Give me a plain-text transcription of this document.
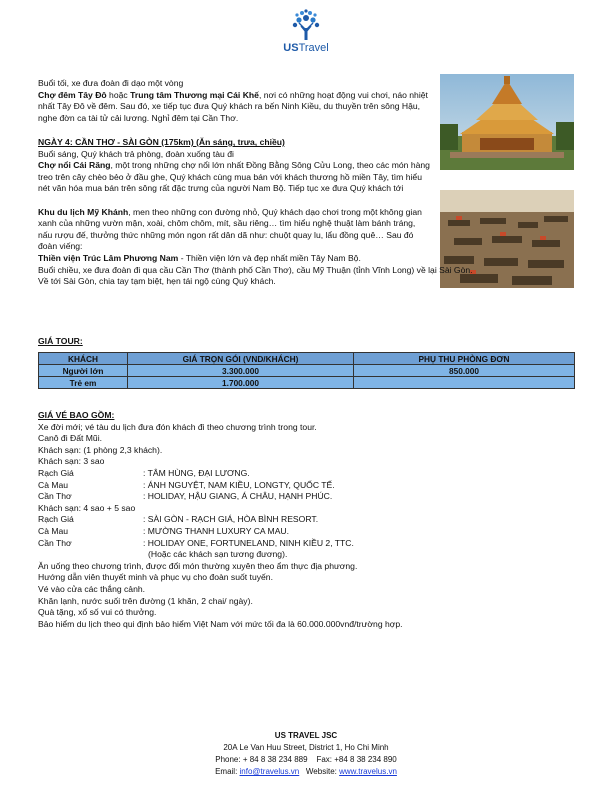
USTravel
Buổi tối, xe đưa đoàn đi dạo một vòng
Chợ đêm Tây Đô hoặc Trung tâm Thương mại Cái Khế, nơi có những hoạt động vui chơi, náo nhiệt nhất Tây Đô về đêm. Sau đó, xe tiếp tục đưa Quý khách ra bến Ninh Kiều, du thuyền trên sông Hậu, nghe đờn ca tài tử cải lương. Nghỉ đêm tại Cần Thơ.
NGÀY 4: CẦN THƠ - SÀI GÒN (175km) (Ăn sáng, trưa, chiều)
Buổi sáng, Quý khách trả phòng, đoàn xuống tàu đi
Chợ nổi Cái Răng, một trong những chợ nổi lớn nhất Đồng Bằng Sông Cửu Long, theo các món hàng treo trên cây chèo bẻo ở đầu ghe, Quý khách cùng mua bán với khách thương hồ miền Tây, tìm hiểu nét văn hóa mua bán trên sông rất đặc trưng của người Nam Bộ. Tiếp tục xe đưa Quý khách tới
Khu du lịch Mỹ Khánh, men theo những con đường nhỏ, Quý khách dạo chơi trong một không gian xanh của những vườn mận, xoài, chôm chôm, mít, sầu riêng… tìm hiểu nghệ thuật làm bánh tráng, nấu rượu đế, thưởng thức những món ngon rất dân dã như: chuột quay lu, lẩu đồng quê… Sau đó đoàn viếng:
Thiền viện Trúc Lâm Phương Nam - Thiền viện lớn và đẹp nhất miền Tây Nam Bộ.
Buổi chiều, xe đưa đoàn đi qua cầu Cần Thơ (thành phố Cần Thơ), cầu Mỹ Thuận (tỉnh Vĩnh Long) về lại Sài Gòn.
Về tới Sài Gòn, chia tay tạm biệt, hẹn tái ngộ cùng Quý khách.
GIÁ TOUR:
KHÁCH	GIÁ TRỌN GÓI (VND/KHÁCH)	PHỤ THU PHÒNG ĐƠN
Người lớn	3.300.000	850.000
Trẻ em	1.700.000	
GIÁ VÉ BAO GỒM:
Xe đời mới; vé tàu du lịch đưa đón khách đi theo chương trình trong tour.
Canô đi Đất Mũi.
Khách sạn: (1 phòng 2,3 khách).
Khách sạn: 3 sao
Rạch Giá	: TÂM HÙNG, ĐẠI LƯƠNG.
Cà Mau	: ÁNH NGUYỆT, NAM KIỀU, LONGTY, QUỐC TẾ.
Cần Thơ	: HOLIDAY, HẬU GIANG, Á CHÂU, HẠNH PHÚC.
Khách sạn: 4 sao + 5 sao
Rạch Giá	: SÀI GÒN - RẠCH GIÁ, HÒA BÌNH RESORT.
Cà Mau	: MƯỜNG THANH LUXURY CA MAU.
Cần Thơ	: HOLIDAY ONE, FORTUNELAND, NINH KIỀU 2, TTC.
(Hoặc các khách sạn tương đương).
Ăn uống theo chương trình, được đổi món thường xuyên theo ẩm thực địa phương.
Hướng dẫn viên thuyết minh và phục vụ cho đoàn suốt tuyến.
Vé vào cửa các thắng cảnh.
Khăn lạnh, nước suối trên đường (1 khăn, 2 chai/ ngày).
Quà tặng, xổ số vui có thưởng.
Bảo hiểm du lịch theo qui định bảo hiểm Việt Nam với mức tối đa là 60.000.000vnđ/trường hợp.
US TRAVEL JSC
20A Le Van Huu Street, District 1, Ho Chi Minh
Phone: + 84 8 38 234 889    Fax: +84 8 38 234 890
Email: info@travelus.vn   Website: www.travelus.vn
